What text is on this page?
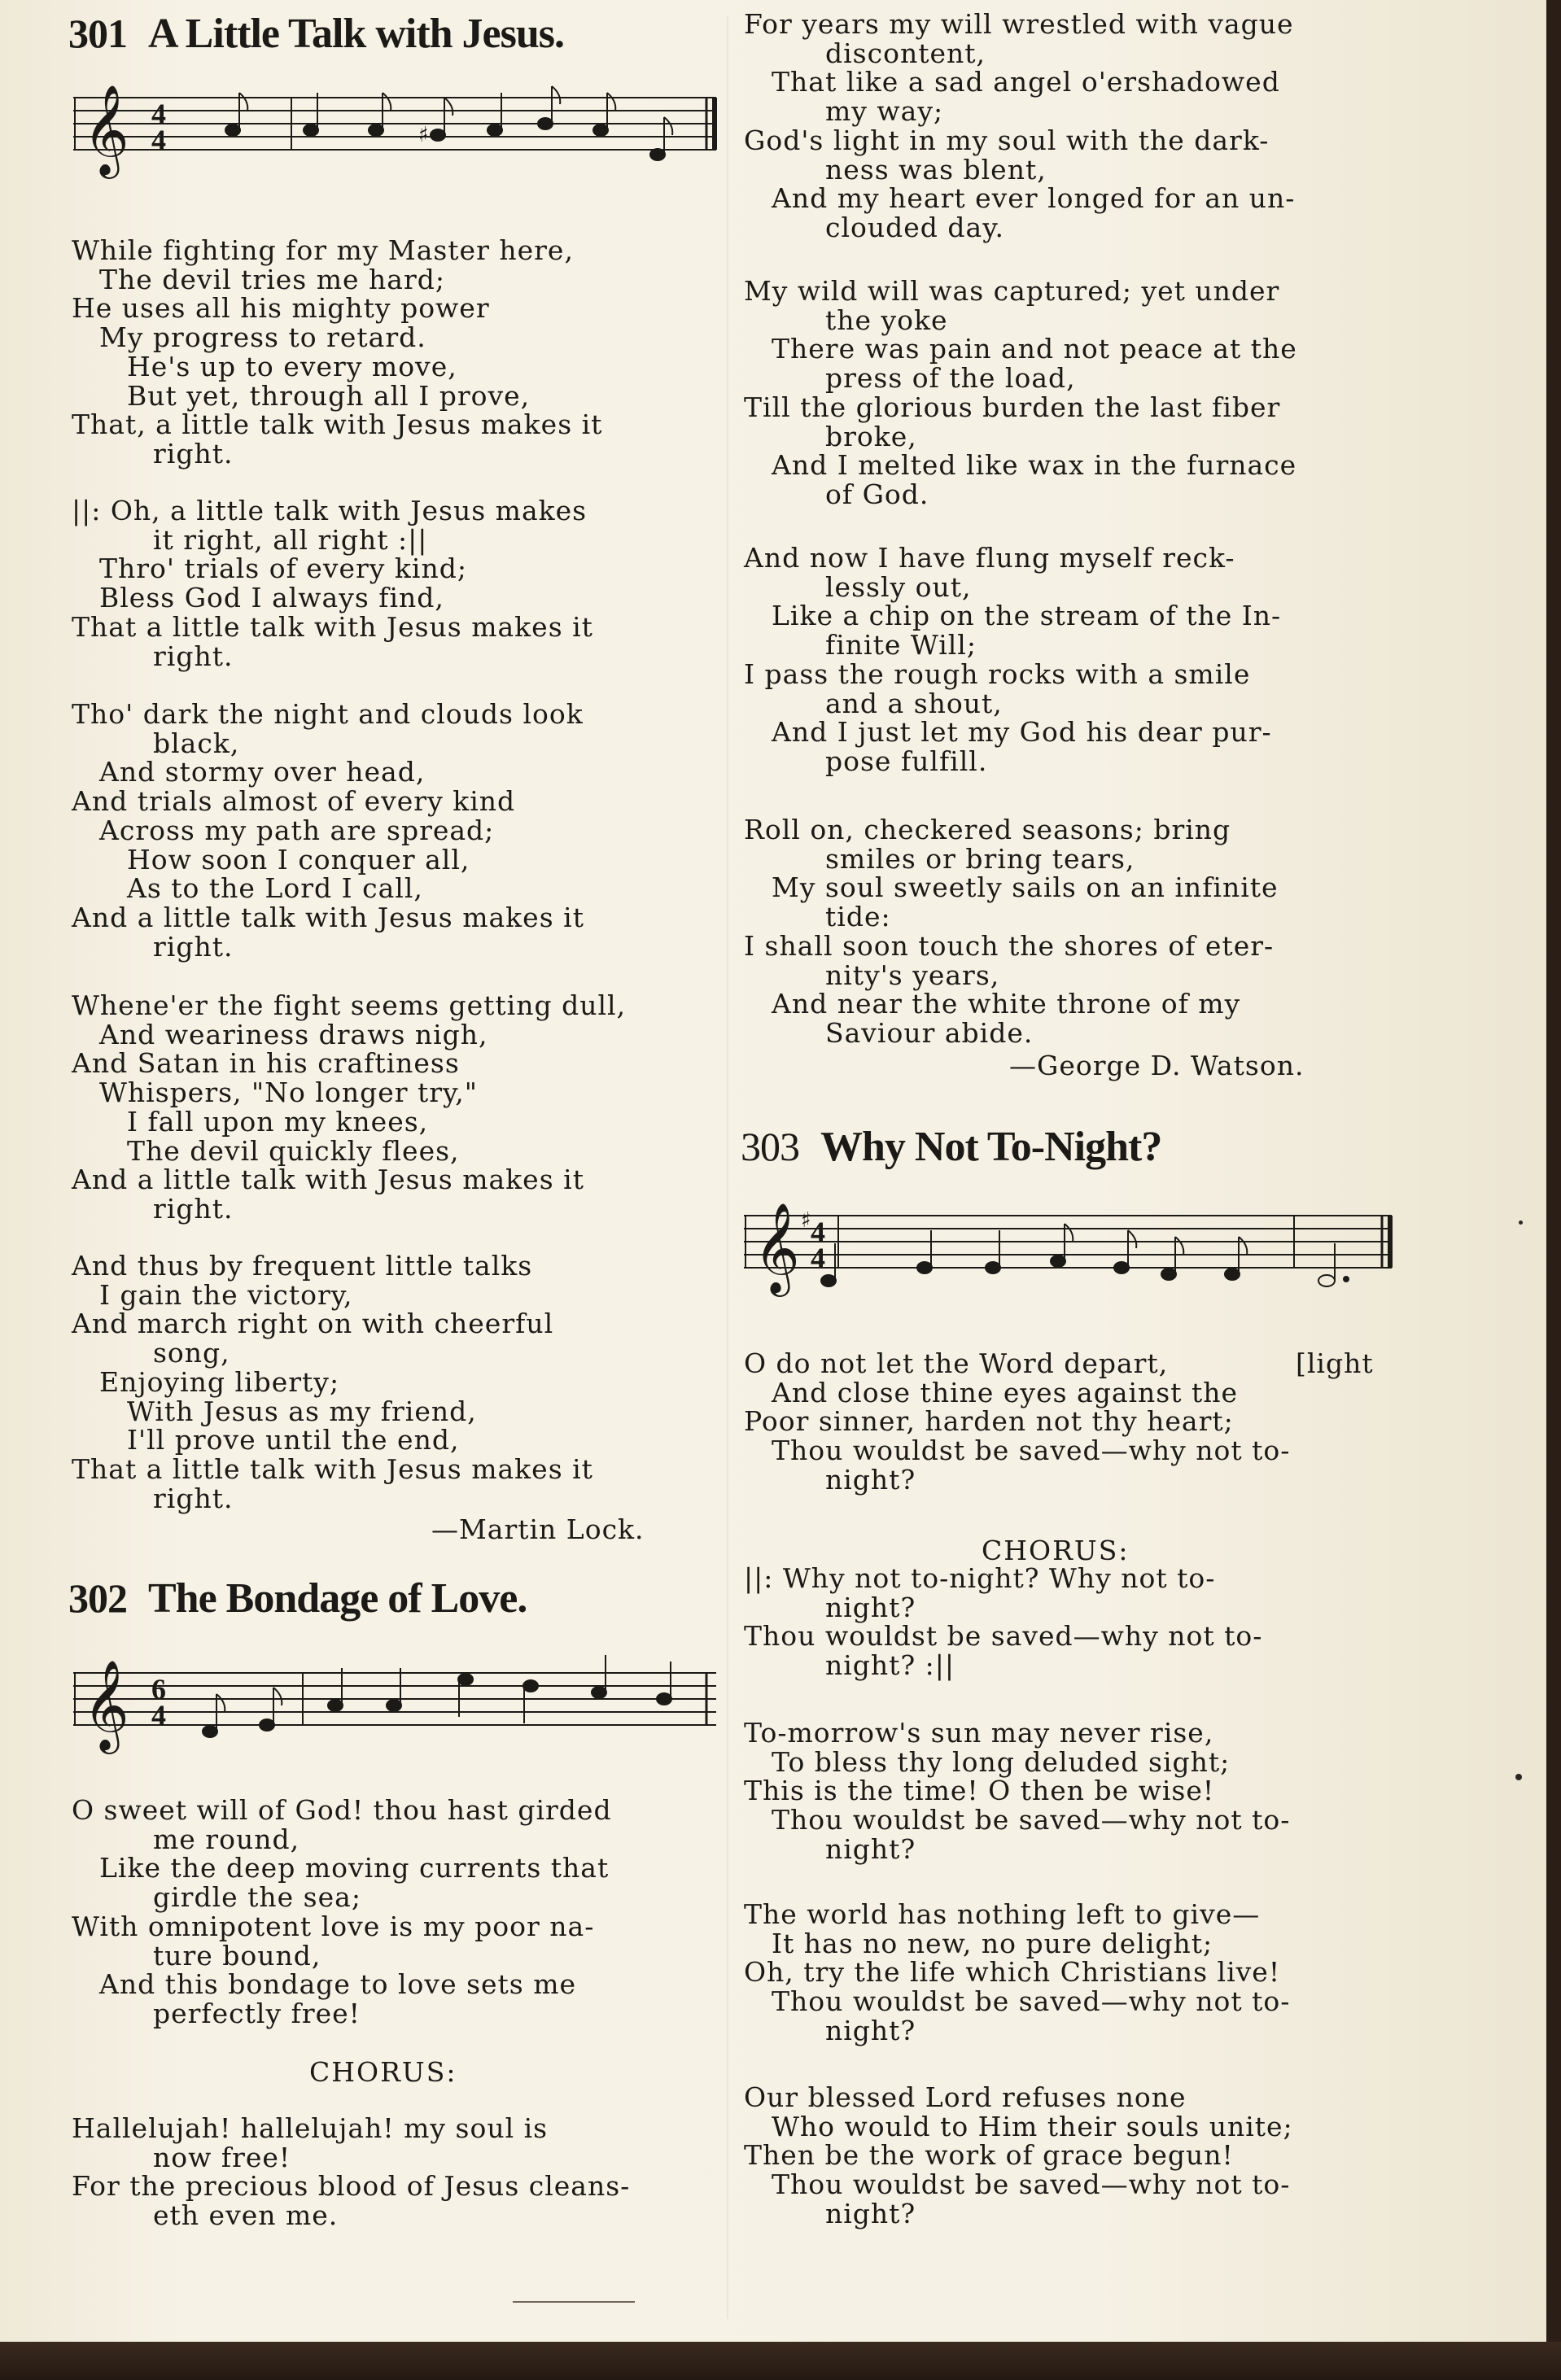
301 A Little Talk with Jesus.
𝄞 4
4	♯
While fighting for my Master here,
The devil tries me hard;
He uses all his mighty power
My progress to retard.
He's up to every move,
But yet, through all I prove,
That, a little talk with Jesus makes it
right.
||: Oh, a little talk with Jesus makes
it right, all right :||
Thro' trials of every kind;
Bless God I always find,
That a little talk with Jesus makes it
right.
Tho' dark the night and clouds look
black,
And stormy over head,
And trials almost of every kind
Across my path are spread;
How soon I conquer all,
As to the Lord I call,
And a little talk with Jesus makes it
right.
Whene'er the fight seems getting dull,
And weariness draws nigh,
And Satan in his craftiness
Whispers, "No longer try,"
I fall upon my knees,
The devil quickly flees,
And a little talk with Jesus makes it
right.
And thus by frequent little talks
I gain the victory,
And march right on with cheerful
song,
Enjoying liberty;
With Jesus as my friend,
I'll prove until the end,
That a little talk with Jesus makes it
right.
—Martin Lock.
302 The Bondage of Love.
𝄞 6
4
O sweet will of God! thou hast girded
me round,
Like the deep moving currents that
girdle the sea;
With omnipotent love is my poor na-
ture bound,
And this bondage to love sets me
perfectly free!
CHORUS:
Hallelujah! hallelujah! my soul is
now free!
For the precious blood of Jesus cleans-
eth even me.
For years my will wrestled with vague
discontent,
That like a sad angel o'ershadowed
my way;
God's light in my soul with the dark-
ness was blent,
And my heart ever longed for an un-
clouded day.
My wild will was captured; yet under
the yoke
There was pain and not peace at the
press of the load,
Till the glorious burden the last fiber
broke,
And I melted like wax in the furnace
of God.
And now I have flung myself reck-
lessly out,
Like a chip on the stream of the In-
finite Will;
I pass the rough rocks with a smile
and a shout,
And I just let my God his dear pur-
pose fulfill.
Roll on, checkered seasons; bring
smiles or bring tears,
My soul sweetly sails on an infinite
tide:
I shall soon touch the shores of eter-
nity's years,
And near the white throne of my
Saviour abide.
—George D. Watson.
303 Why Not To-Night?
𝄞 ♯ 4
4
O do not let the Word depart,	[light
And close thine eyes against the
Poor sinner, harden not thy heart;
Thou wouldst be saved—why not to-
night?
CHORUS:
||: Why not to-night? Why not to-
night?
Thou wouldst be saved—why not to-
night? :||
To-morrow's sun may never rise,
To bless thy long deluded sight;
This is the time! O then be wise!
Thou wouldst be saved—why not to-
night?
The world has nothing left to give—
It has no new, no pure delight;
Oh, try the life which Christians live!
Thou wouldst be saved—why not to-
night?
Our blessed Lord refuses none
Who would to Him their souls unite;
Then be the work of grace begun!
Thou wouldst be saved—why not to-
night?
